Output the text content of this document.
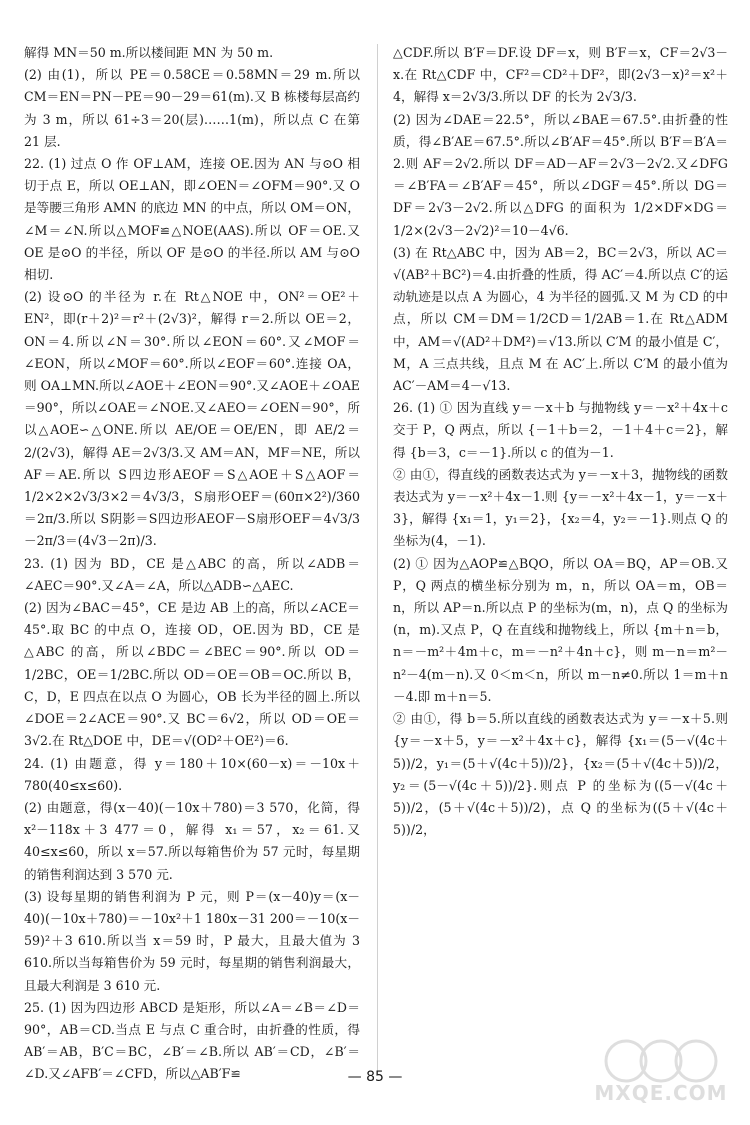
解得 MN＝50 m.所以楼间距 MN 为 50 m.

(2) 由(1)，所以 PE＝0.58CE＝0.58MN＝29 m.所以 CM＝EN＝PN－PE＝90－29＝61(m).又 B 栋楼每层高约为 3 m，所以 61÷3＝20(层)……1(m)，所以点 C 在第 21 层.

22. (1) 过点 O 作 OF⊥AM，连接 OE.因为 AN 与⊙O 相切于点 E，所以 OE⊥AN，即∠OEN＝∠OFM＝90°.又 O 是等腰三角形 AMN 的底边 MN 的中点，所以 OM＝ON，∠M＝∠N.所以△MOF≌△NOE(AAS).所以 OF＝OE.又 OE 是⊙O 的半径，所以 OF 是⊙O 的半径.所以 AM 与⊙O 相切.

(2) 设⊙O 的半径为 r.在 Rt△NOE 中，ON²＝OE²＋EN²，即(r＋2)²＝r²＋(2√3)²，解得 r＝2.所以 OE＝2，ON＝4.所以∠N＝30°.所以∠EON＝60°.又∠MOF＝∠EON，所以∠MOF＝60°.所以∠EOF＝60°.连接 OA，则 OA⊥MN.所以∠AOE＋∠EON＝90°.又∠AOE＋∠OAE＝90°，所以∠OAE＝∠NOE.又∠AEO＝∠OEN＝90°，所以△AOE∽△ONE.所以 AE/OE＝OE/EN，即 AE/2＝2/(2√3)，解得 AE＝2√3/3.又 AM＝AN，MF＝NE，所以 AF＝AE.所以 S四边形AEOF＝S△AOE＋S△AOF＝1/2×2×2√3/3×2＝4√3/3，S扇形OEF＝(60π×2²)/360＝2π/3.所以 S阴影＝S四边形AEOF－S扇形OEF＝4√3/3－2π/3＝(4√3－2π)/3.

23. (1) 因为 BD，CE 是△ABC 的高，所以∠ADB＝∠AEC＝90°.又∠A＝∠A，所以△ADB∽△AEC.

(2) 因为∠BAC＝45°，CE 是边 AB 上的高，所以∠ACE＝45°.取 BC 的中点 O，连接 OD，OE.因为 BD，CE 是△ABC 的高，所以∠BDC＝∠BEC＝90°.所以 OD＝1/2BC，OE＝1/2BC.所以 OD＝OE＝OB＝OC.所以 B，C，D，E 四点在以点 O 为圆心，OB 长为半径的圆上.所以∠DOE＝2∠ACE＝90°.又 BC＝6√2，所以 OD＝OE＝3√2.在 Rt△DOE 中，DE＝√(OD²＋OE²)＝6.

24. (1) 由题意，得 y＝180＋10×(60－x)＝－10x＋780(40≤x≤60).

(2) 由题意，得(x－40)(－10x＋780)＝3 570，化简，得 x²－118x＋3 477＝0，解得 x₁＝57，x₂＝61.又 40≤x≤60，所以 x＝57.所以每箱售价为 57 元时，每星期的销售利润达到 3 570 元.

(3) 设每星期的销售利润为 P 元，则 P＝(x－40)y＝(x－40)(－10x＋780)＝－10x²＋1 180x－31 200＝－10(x－59)²＋3 610.所以当 x＝59 时，P 最大，且最大值为 3 610.所以当每箱售价为 59 元时，每星期的销售利润最大，且最大利润是 3 610 元.

25. (1) 因为四边形 ABCD 是矩形，所以∠A＝∠B＝∠D＝90°，AB＝CD.当点 E 与点 C 重合时，由折叠的性质，得 AB′＝AB，B′C＝BC，∠B′＝∠B.所以 AB′＝CD，∠B′＝∠D.又∠AFB′＝∠CFD，所以△AB′F≌

△CDF.所以 B′F＝DF.设 DF＝x，则 B′F＝x，CF＝2√3－x.在 Rt△CDF 中，CF²＝CD²＋DF²，即(2√3－x)²＝x²＋4，解得 x＝2√3/3.所以 DF 的长为 2√3/3.

(2) 因为∠DAE＝22.5°，所以∠BAE＝67.5°.由折叠的性质，得∠B′AE＝67.5°.所以∠B′AF＝45°.所以 B′F＝B′A＝2.则 AF＝2√2.所以 DF＝AD－AF＝2√3－2√2.又∠DFG＝∠B′FA＝∠B′AF＝45°，所以∠DGF＝45°.所以 DG＝DF＝2√3－2√2.所以△DFG 的面积为 1/2×DF×DG＝1/2×(2√3－2√2)²＝10－4√6.

(3) 在 Rt△ABC 中，因为 AB＝2，BC＝2√3，所以 AC＝√(AB²＋BC²)＝4.由折叠的性质，得 AC′＝4.所以点 C′的运动轨迹是以点 A 为圆心，4 为半径的圆弧.又 M 为 CD 的中点，所以 CM＝DM＝1/2CD＝1/2AB＝1.在 Rt△ADM 中，AM＝√(AD²＋DM²)＝√13.所以 C′M 的最小值是 C′，M，A 三点共线，且点 M 在 AC′上.所以 C′M 的最小值为 AC′－AM＝4－√13.

26. (1) ① 因为直线 y＝－x＋b 与抛物线 y＝－x²＋4x＋c 交于 P，Q 两点，所以 {－1＋b＝2，－1＋4＋c＝2}，解得 {b＝3，c＝－1}.所以 c 的值为－1.

② 由①，得直线的函数表达式为 y＝－x＋3，抛物线的函数表达式为 y＝－x²＋4x－1.则 {y＝－x²＋4x－1，y＝－x＋3}，解得 {x₁＝1，y₁＝2}，{x₂＝4，y₂＝－1}.则点 Q 的坐标为(4，－1).

(2) ① 因为△AOP≌△BQO，所以 OA＝BQ，AP＝OB.又 P，Q 两点的横坐标分别为 m，n，所以 OA＝m，OB＝n，所以 AP＝n.所以点 P 的坐标为(m，n)，点 Q 的坐标为(n，m).又点 P，Q 在直线和抛物线上，所以 {m＋n＝b，n＝－m²＋4m＋c，m＝－n²＋4n＋c}，则 m－n＝m²－n²－4(m－n).又 0＜m＜n，所以 m－n≠0.所以 1＝m＋n－4.即 m＋n＝5.

② 由①，得 b＝5.所以直线的函数表达式为 y＝－x＋5.则 {y＝－x＋5，y＝－x²＋4x＋c}，解得 {x₁＝(5－√(4c＋5))/2，y₁＝(5＋√(4c＋5))/2}，{x₂＝(5＋√(4c＋5))/2，y₂＝(5－√(4c＋5))/2}.则点 P 的坐标为((5－√(4c＋5))/2，(5＋√(4c＋5))/2)，点 Q 的坐标为((5＋√(4c＋5))/2，

— 85 —
MXQE.COM
